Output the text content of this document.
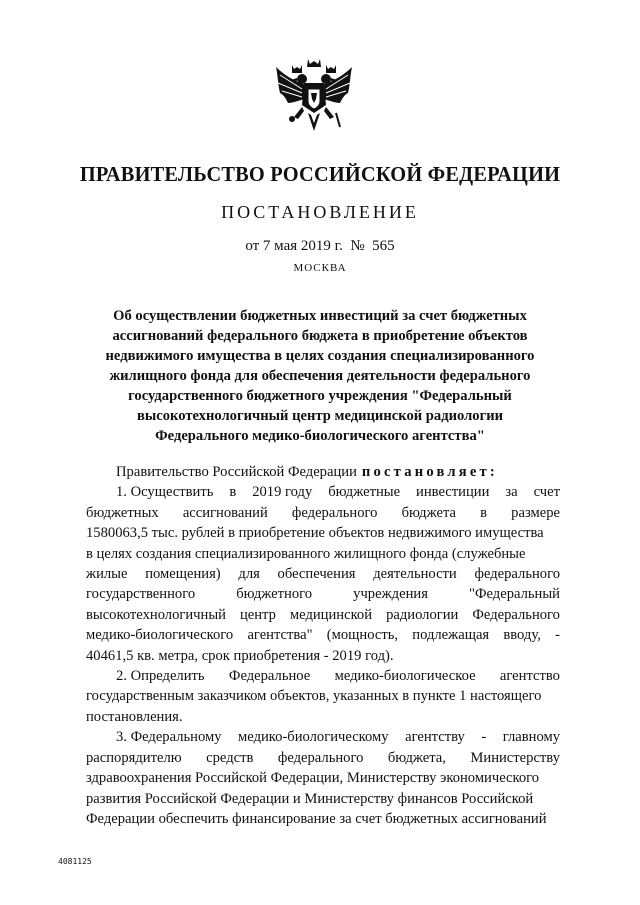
ПРАВИТЕЛЬСТВО РОССИЙСКОЙ ФЕДЕРАЦИИ
ПОСТАНОВЛЕНИЕ
от 7 мая 2019 г. № 565
МОСКВА
Об осуществлении бюджетных инвестиций за счет бюджетных
ассигнований федерального бюджета в приобретение объектов
недвижимого имущества в целях создания специализированного
жилищного фонда для обеспечения деятельности федерального
государственного бюджетного учреждения "Федеральный
высокотехнологичный центр медицинской радиологии
Федерального медико-биологического агентства"
Правительство Российской Федерации постановляет:
1. Осуществить в 2019 году бюджетные инвестиции за счет
бюджетных ассигнований федерального бюджета в размере
1580063,5 тыс. рублей в приобретение объектов недвижимого имущества
в целях создания специализированного жилищного фонда (служебные
жилые помещения) для обеспечения деятельности федерального
государственного	бюджетного	учреждения	"Федеральный
высокотехнологичный центр медицинской радиологии Федерального
медико-биологического агентства" (мощность, подлежащая вводу, -
40461,5 кв. метра, срок приобретения - 2019 год).
2. Определить Федеральное медико-биологическое агентство
государственным заказчиком объектов, указанных в пункте 1 настоящего
постановления.
3. Федеральному медико-биологическому агентству - главному
распорядителю средств федерального бюджета, Министерству
здравоохранения Российской Федерации, Министерству экономического
развития Российской Федерации и Министерству финансов Российской
Федерации обеспечить финансирование за счет бюджетных ассигнований
4081125
